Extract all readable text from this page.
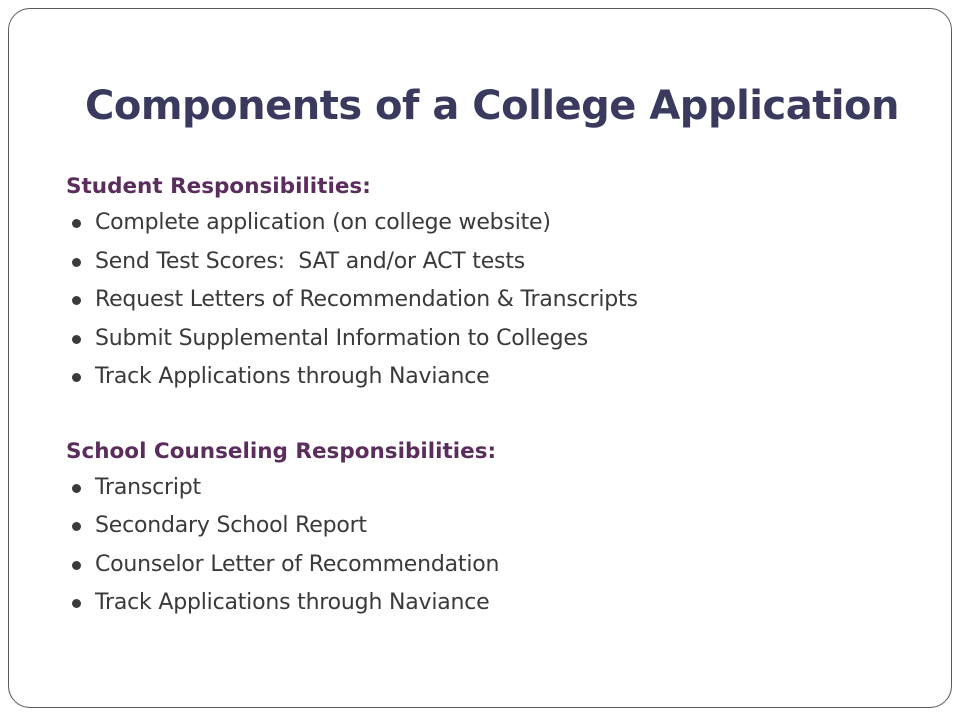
Components of a College Application

Student Responsibilities:

Complete application (on college website)
Send Test Scores:  SAT and/or ACT tests
Request Letters of Recommendation & Transcripts
Submit Supplemental Information to Colleges
Track Applications through Naviance

School Counseling Responsibilities:

Transcript
Secondary School Report
Counselor Letter of Recommendation
Track Applications through Naviance
